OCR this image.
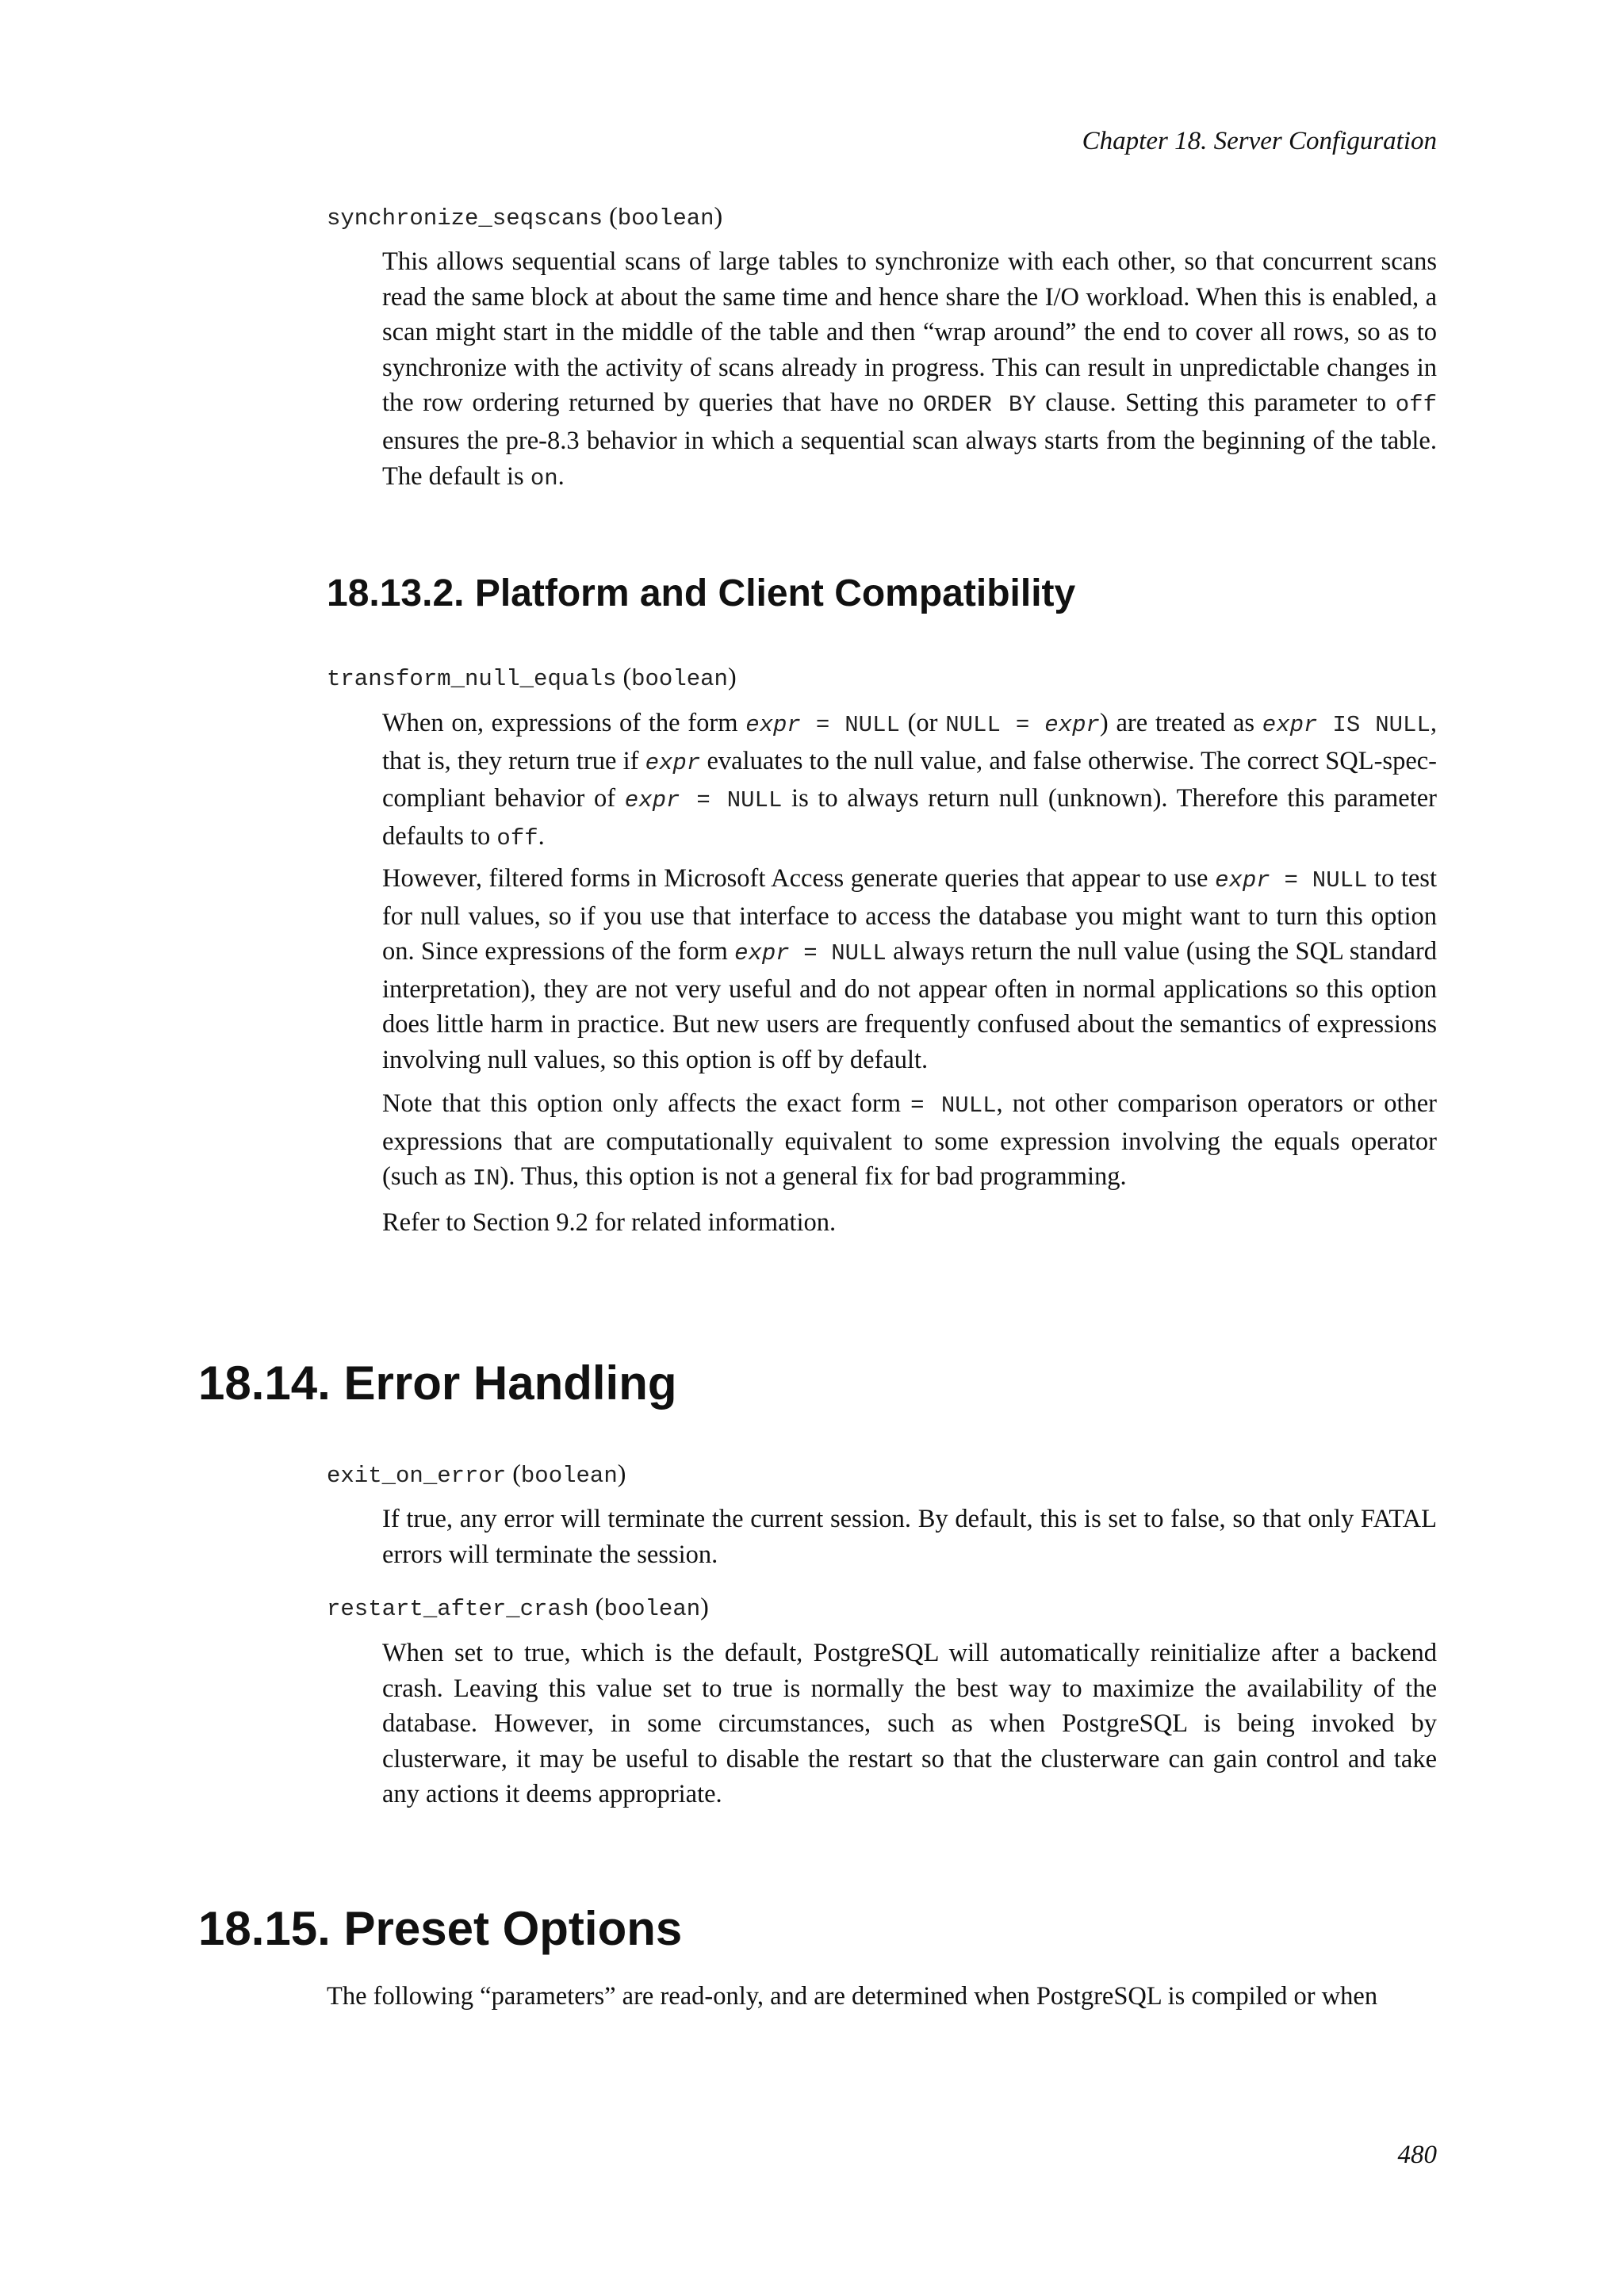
Chapter 18. Server Configuration
synchronize_seqscans (boolean)

This allows sequential scans of large tables to synchronize with each other, so that concurrent scans read the same block at about the same time and hence share the I/O workload. When this is enabled, a scan might start in the middle of the table and then “wrap around” the end to cover all rows, so as to synchronize with the activity of scans already in progress. This can result in unpredictable changes in the row ordering returned by queries that have no ORDER BY clause. Setting this parameter to off ensures the pre-8.3 behavior in which a sequential scan always starts from the beginning of the table. The default is on.

18.13.2. Platform and Client Compatibility
transform_null_equals (boolean)

When on, expressions of the form expr = NULL (or NULL = expr) are treated as expr IS NULL, that is, they return true if expr evaluates to the null value, and false otherwise. The correct SQL-spec-compliant behavior of expr = NULL is to always return null (unknown). Therefore this parameter defaults to off.

However, filtered forms in Microsoft Access generate queries that appear to use expr = NULL to test for null values, so if you use that interface to access the database you might want to turn this option on. Since expressions of the form expr = NULL always return the null value (using the SQL standard interpretation), they are not very useful and do not appear often in normal applications so this option does little harm in practice. But new users are frequently confused about the semantics of expressions involving null values, so this option is off by default.

Note that this option only affects the exact form = NULL, not other comparison operators or other expressions that are computationally equivalent to some expression involving the equals operator (such as IN). Thus, this option is not a general fix for bad programming.

Refer to Section 9.2 for related information.

18.14. Error Handling
exit_on_error (boolean)

If true, any error will terminate the current session. By default, this is set to false, so that only FATAL errors will terminate the session.

restart_after_crash (boolean)

When set to true, which is the default, PostgreSQL will automatically reinitialize after a backend crash. Leaving this value set to true is normally the best way to maximize the availability of the database. However, in some circumstances, such as when PostgreSQL is being invoked by clusterware, it may be useful to disable the restart so that the clusterware can gain control and take any actions it deems appropriate.

18.15. Preset Options

The following “parameters” are read-only, and are determined when PostgreSQL is compiled or when

480
